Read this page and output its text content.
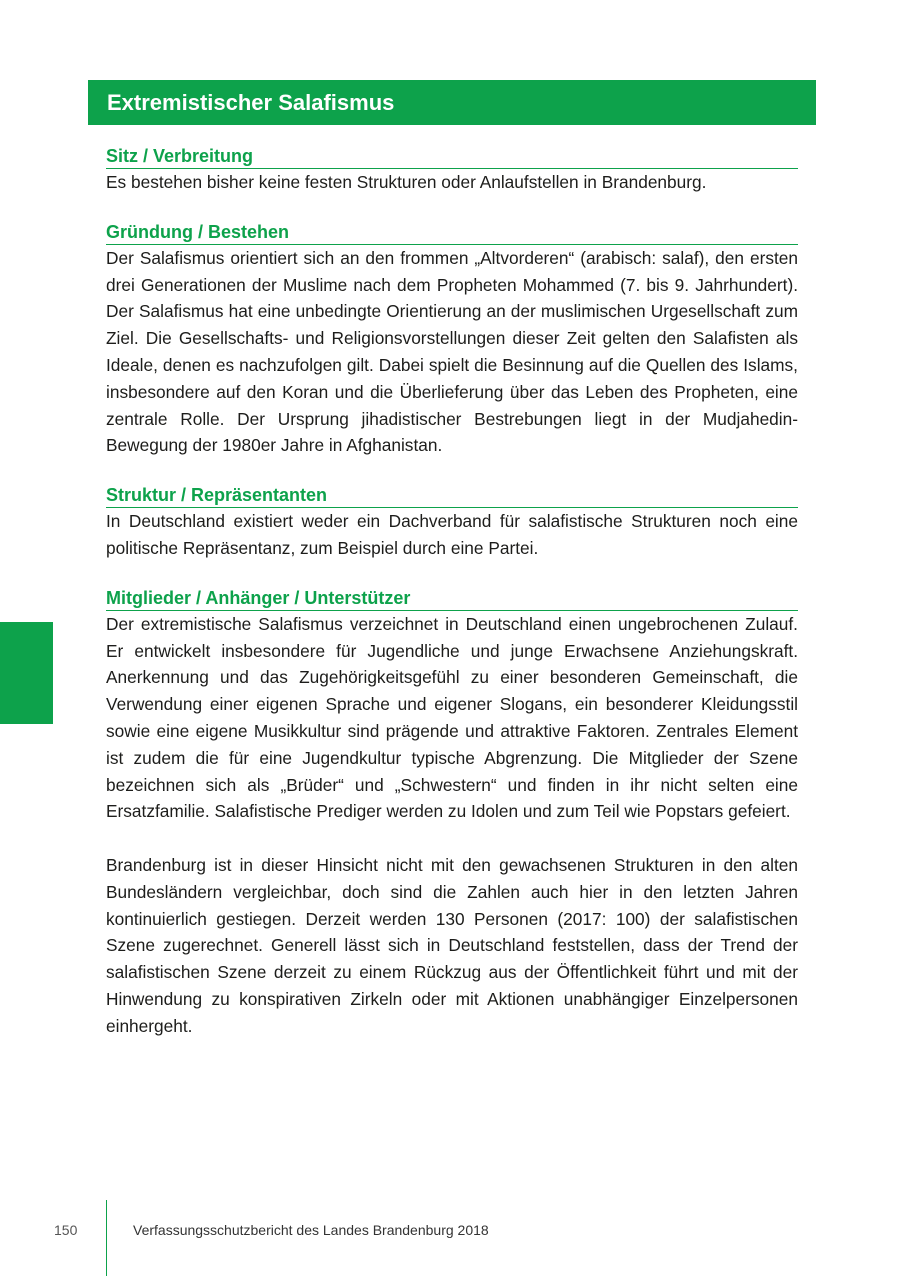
Extremistischer Salafismus
Sitz / Verbreitung

Es bestehen bisher keine festen Strukturen oder Anlaufstellen in Brandenburg.

Gründung / Bestehen

Der Salafismus orientiert sich an den frommen „Altvorderen“ (arabisch: salaf), den ersten drei Generationen der Muslime nach dem Propheten Mohammed (7. bis 9. Jahrhundert). Der Salafismus hat eine unbedingte Orientierung an der muslimischen Urgesellschaft zum Ziel. Die Gesellschafts- und Religionsvorstellungen dieser Zeit gelten den Salafisten als Ideale, denen es nachzufolgen gilt. Dabei spielt die Besinnung auf die Quellen des Islams, insbesondere auf den Koran und die Überlieferung über das Leben des Propheten, eine zentrale Rolle. Der Ursprung jihadistischer Bestrebungen liegt in der Mudjahedin-Bewegung der 1980er Jahre in Afghanistan.

Struktur / Repräsentanten

In Deutschland existiert weder ein Dachverband für salafistische Strukturen noch eine politische Repräsentanz, zum Beispiel durch eine Partei.

Mitglieder / Anhänger / Unterstützer

Der extremistische Salafismus verzeichnet in Deutschland einen ungebrochenen Zulauf. Er entwickelt insbesondere für Jugendliche und junge Erwachsene Anziehungskraft. Anerkennung und das Zugehörigkeitsgefühl zu einer besonderen Gemeinschaft, die Verwendung einer eigenen Sprache und eigener Slogans, ein besonderer Kleidungsstil sowie eine eigene Musikkultur sind prägende und attraktive Faktoren. Zentrales Element ist zudem die für eine Jugendkultur typische Abgrenzung. Die Mitglieder der Szene bezeichnen sich als „Brüder“ und „Schwestern“ und finden in ihr nicht selten eine Ersatzfamilie. Salafistische Prediger werden zu Idolen und zum Teil wie Popstars gefeiert.

Brandenburg ist in dieser Hinsicht nicht mit den gewachsenen Strukturen in den alten Bundesländern vergleichbar, doch sind die Zahlen auch hier in den letzten Jahren kontinuierlich gestiegen. Derzeit werden 130 Personen (2017: 100) der salafistischen Szene zugerechnet. Generell lässt sich in Deutschland feststellen, dass der Trend der salafistischen Szene derzeit zu einem Rückzug aus der Öffentlichkeit führt und mit der Hinwendung zu konspirativen Zirkeln oder mit Aktionen unabhängiger Einzelpersonen einhergeht.

150	Verfassungsschutzbericht des Landes Brandenburg 2018
